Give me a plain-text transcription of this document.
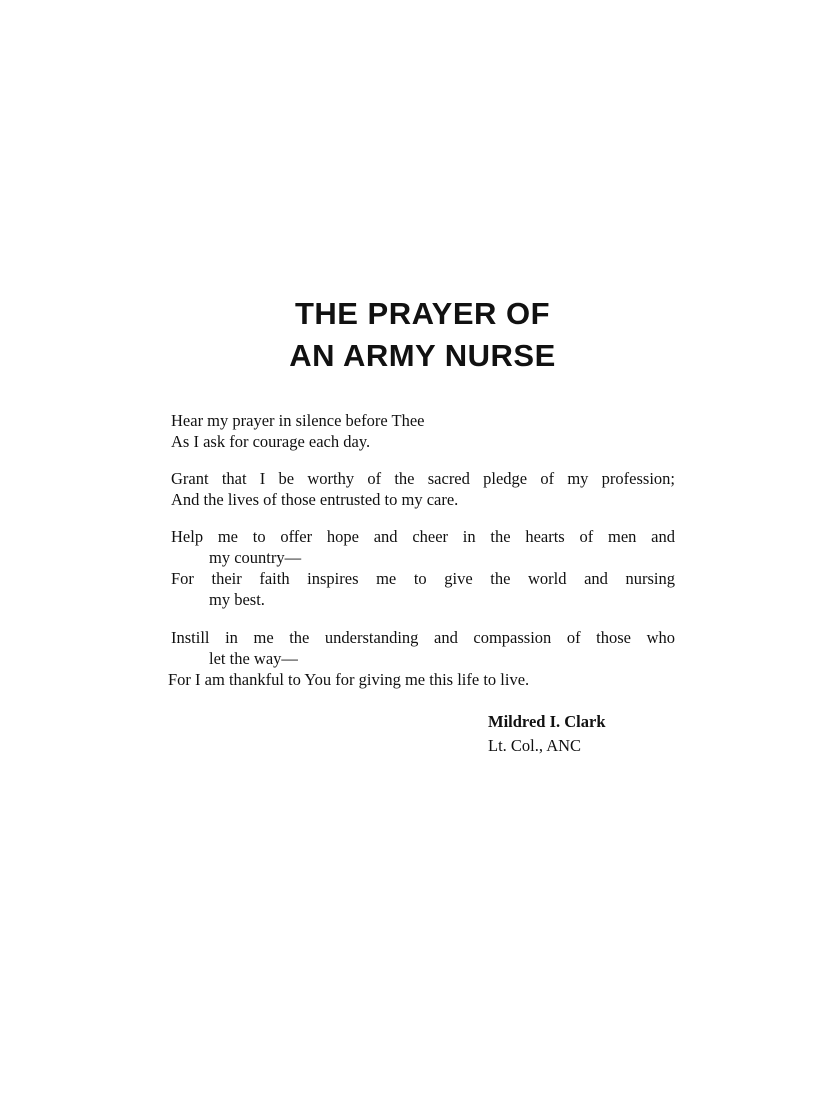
THE PRAYER OF
AN ARMY NURSE
Hear my prayer in silence before Thee
As I ask for courage each day.
Grant that I be worthy of the sacred pledge of my profession;
And the lives of those entrusted to my care.
Help me to offer hope and cheer in the hearts of men and
my country—
For their faith inspires me to give the world and nursing
my best.
Instill in me the understanding and compassion of those who
let the way—
For I am thankful to You for giving me this life to live.
Mildred I. Clark
Lt. Col., ANC
